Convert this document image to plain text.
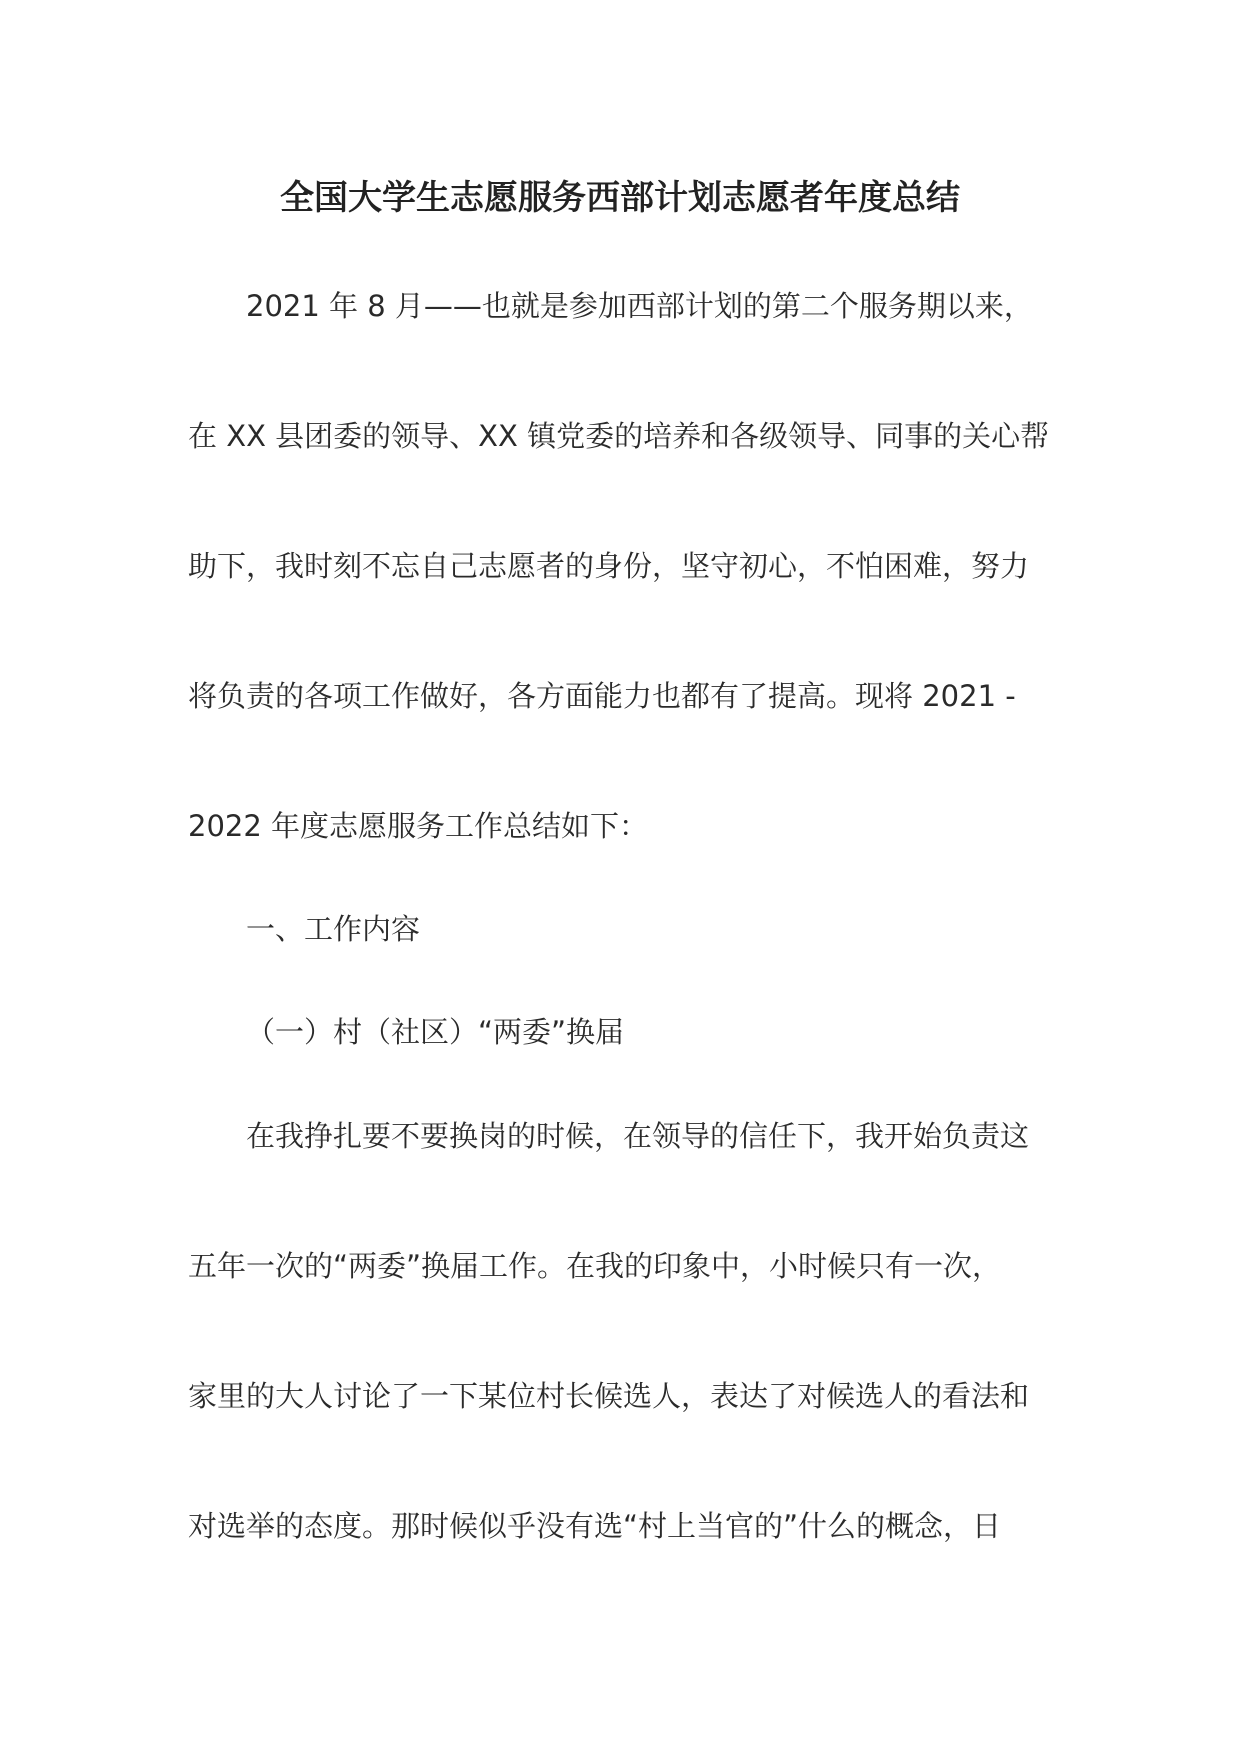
全国大学生志愿服务西部计划志愿者年度总结
2021 年 8 月——也就是参加西部计划的第二个服务期以来，
在 XX 县团委的领导、XX 镇党委的培养和各级领导、同事的关心帮
助下，我时刻不忘自己志愿者的身份，坚守初心，不怕困难，努力
将负责的各项工作做好，各方面能力也都有了提高。现将 2021 -
2022 年度志愿服务工作总结如下：
一、工作内容
（一）村（社区）“两委”换届
在我挣扎要不要换岗的时候，在领导的信任下，我开始负责这
五年一次的“两委”换届工作。在我的印象中，小时候只有一次，
家里的大人讨论了一下某位村长候选人，表达了对候选人的看法和
对选举的态度。那时候似乎没有选“村上当官的”什么的概念，日
